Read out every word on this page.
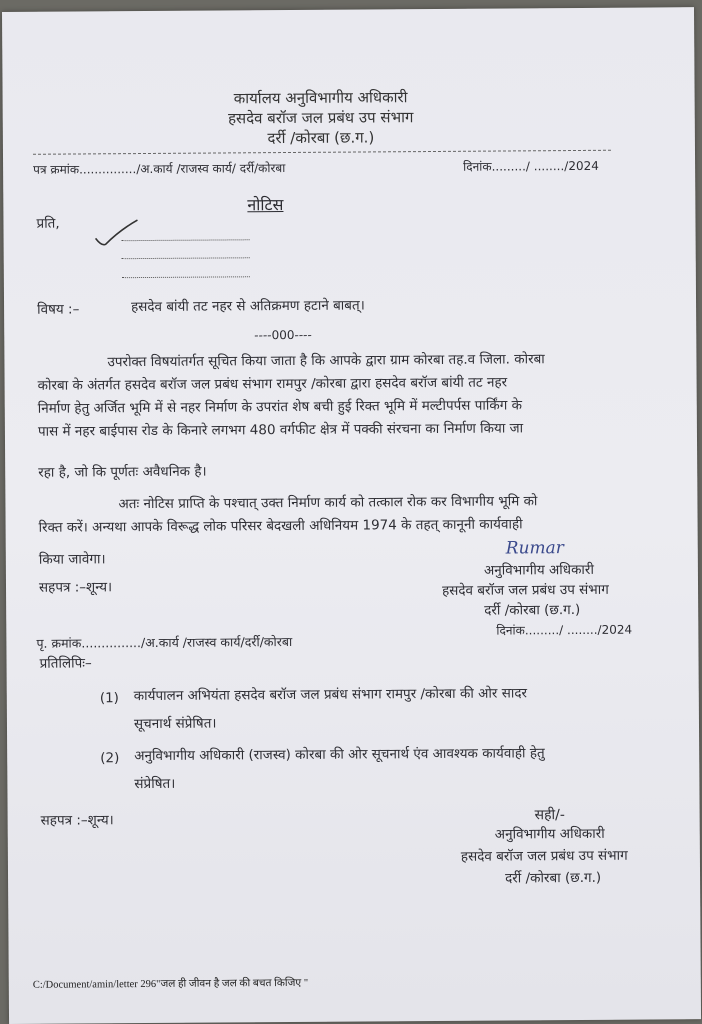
कार्यालय अनुविभागीय अधिकारी
हसदेव बरॉज जल प्रबंध उप संभाग
दर्री /कोरबा (छ.ग.)
पत्र क्रमांक.............../अ.कार्य /राजस्व कार्य/ दर्री/कोरबा	दिनांक........./ ......../2024
नोटिस
प्रति,
विषय :–	हसदेव बांयी तट नहर से अतिक्रमण हटाने बाबत्।
----000----
उपरोक्त विषयांतर्गत सूचित किया जाता है कि आपके द्वारा ग्राम कोरबा तह.व जिला. कोरबा
कोरबा के अंतर्गत हसदेव बरॉज जल प्रबंध संभाग रामपुर /कोरबा द्वारा हसदेव बरॉज बांयी तट नहर
निर्माण हेतु अर्जित भूमि में से नहर निर्माण के उपरांत शेष बची हुई रिक्त भूमि में मल्टीपर्पस पार्किंग के
पास में नहर बाईपास रोड के किनारे लगभग 480 वर्गफीट क्षेत्र में पक्की संरचना का निर्माण किया जा
रहा है, जो कि पूर्णतः अवैधनिक है।
अतः नोटिस प्राप्ति के पश्चात् उक्त निर्माण कार्य को तत्काल रोक कर विभागीय भूमि को
रिक्त करें। अन्यथा आपके विरूद्ध लोक परिसर बेदखली अधिनियम 1974 के तहत् कानूनी कार्यवाही
किया जावेगा।
सहपत्र :–शून्य।
Rumar
अनुविभागीय अधिकारी
हसदेव बरॉज जल प्रबंध उप संभाग
दर्री /कोरबा (छ.ग.)
दिनांक........./ ......../2024
पृ. क्रमांक.............../अ.कार्य /राजस्व कार्य/दर्री/कोरबा
प्रतिलिपिः–
(1) कार्यपालन अभियंता हसदेव बरॉज जल प्रबंध संभाग रामपुर /कोरबा की ओर सादर
सूचनार्थ संप्रेषित।
(2) अनुविभागीय अधिकारी (राजस्व) कोरबा की ओर सूचनार्थ एंव आवश्यक कार्यवाही हेतु
संप्रेषित।
सहपत्र :–शून्य।	सही/-
अनुविभागीय अधिकारी
हसदेव बरॉज जल प्रबंध उप संभाग
दर्री /कोरबा (छ.ग.)
C:/Document/amin/letter 296"जल ही जीवन है जल की बचत किजिए "
